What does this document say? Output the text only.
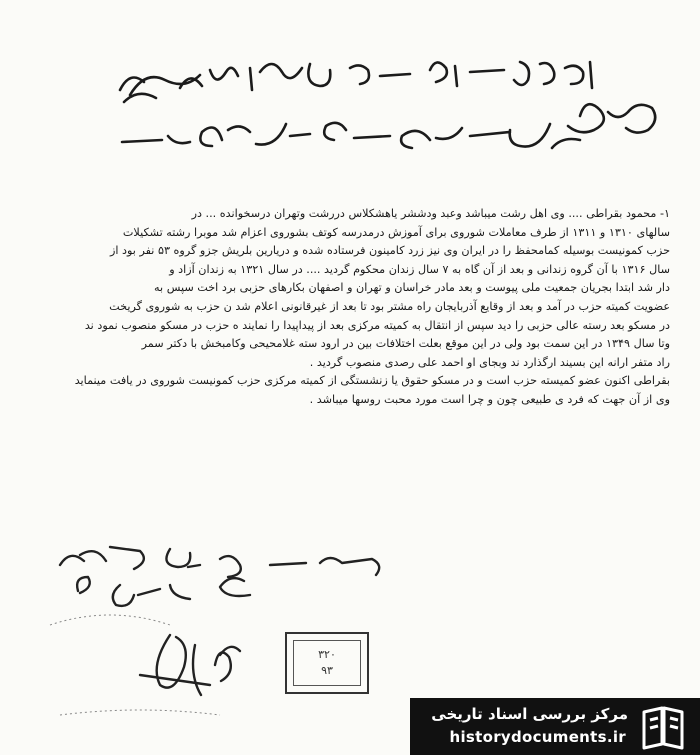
۱- محمود بقراطی .... وی اهل رشت میباشد وعبد ودششر یاهشکلاس دررشت وتهران درسخوانده ... در
سالهای ۱۳۱۰ و ۱۳۱۱ از طرف معاملات شوروی برای آموزش درمدرسه کوتف بشوروی اعزام شد موبرا رشته تشکیلات
حزب کمونیست بوسیله کمامحفظ را در ایران وی نیز زرد کامینون فرستاده شده و دریارین بلریش جزو گروه ۵۳ نفر بود از
سال ۱۳۱۶ با آن گروه زندانی و بعد از آن گاه به ۷ سال زندان محکوم گردید .... در سال ۱۳۲۱ به زندان آزاد و
دار شد ابتدا بجریان جمعیت ملی پیوست و بعد مادر خراسان و تهران و اصفهان بکارهای حزبی برد اخت سپس به
عضویت کمیته حزب در آمد و بعد از وقایع آذربایجان راه مشتر بود تا بعد از غیرقانونی اعلام شد ن حزب به شوروی گریخت
در مسکو بعد رسته عالی حزبی را دید سپس از انتقال به کمیته مرکزی بعد از پیداپیدا را نمایند ه حزب در مسکو منصوب نمود ند
وتا سال ۱۳۴۹ در این سمت بود ولی در این موقع بعلت اختلافات بین در ارود سته غلامحیحی وکامبخش با دکتر سمر
راد متفر ارانه این بسیند ارگذارد ند وبجای او احمد علی رصدی منصوب گردید .
بقراطی اکنون عضو کمیسته حزب است و در مسکو حقوق یا زنشستگی از کمیته مرکزی حزب کمونیست شوروی در یافت مینماید
وی از آن جهت که فرد ی طبیعی چون و چرا است مورد محبت روسها میباشد .
۳۲۰
۹۳
مرکز بررسی اسناد تاریخی
historydocuments.ir
